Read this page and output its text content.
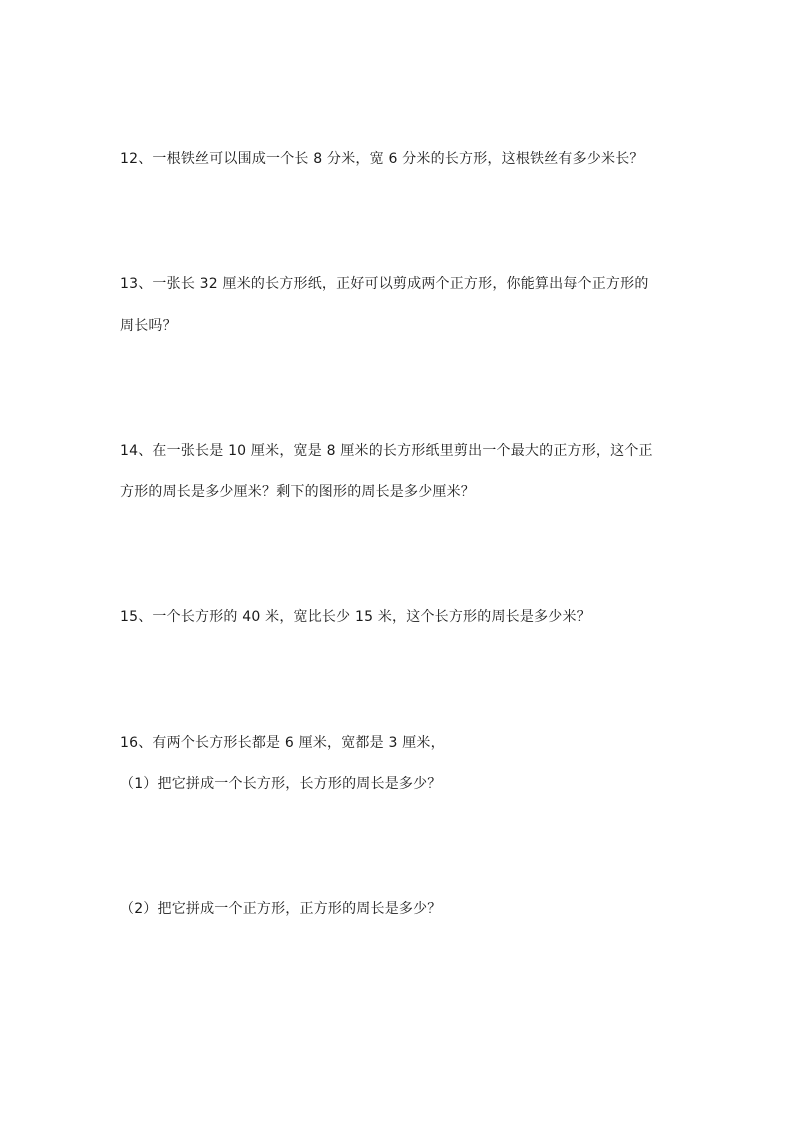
12、一根铁丝可以围成一个长 8 分米，宽 6 分米的长方形，这根铁丝有多少米长？
13、一张长 32 厘米的长方形纸，正好可以剪成两个正方形，你能算出每个正方形的
周长吗？
14、在一张长是 10 厘米，宽是 8 厘米的长方形纸里剪出一个最大的正方形，这个正
方形的周长是多少厘米？剩下的图形的周长是多少厘米？
15、一个长方形的 40 米，宽比长少 15 米，这个长方形的周长是多少米？
16、有两个长方形长都是 6 厘米，宽都是 3 厘米，
（1）把它拼成一个长方形，长方形的周长是多少？
（2）把它拼成一个正方形，正方形的周长是多少？
